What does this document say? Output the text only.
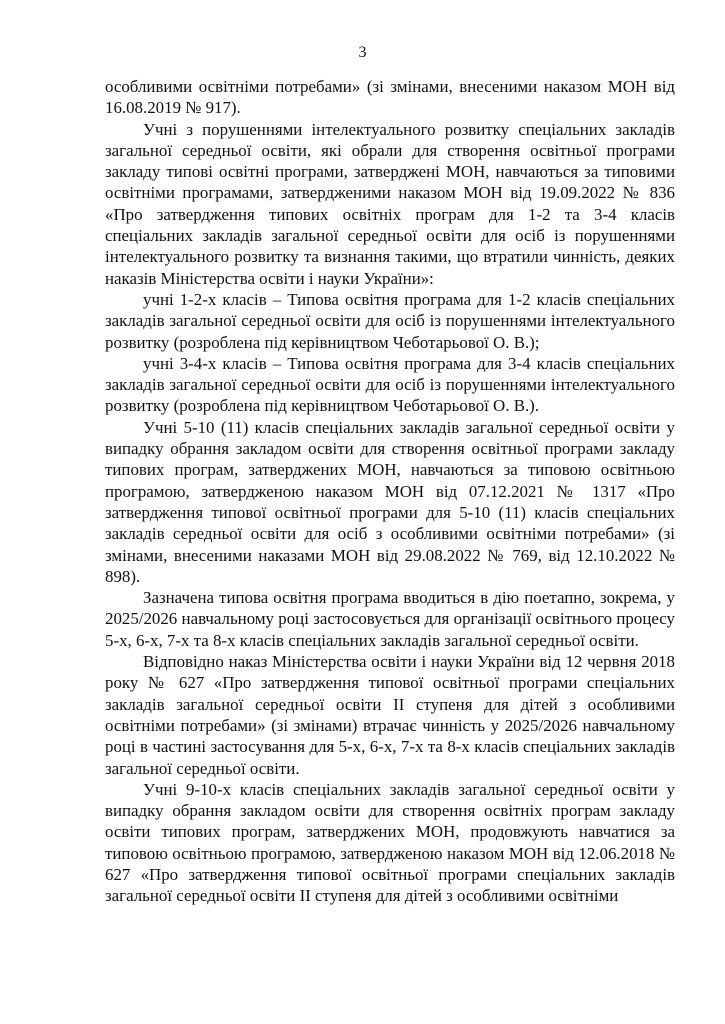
3

особливими освітніми потребами» (зі змінами, внесеними наказом МОН від 16.08.2019 № 917).

Учні з порушеннями інтелектуального розвитку спеціальних закладів загальної середньої освіти, які обрали для створення освітньої програми закладу типові освітні програми, затверджені МОН, навчаються за типовими освітніми програмами, затвердженими наказом МОН від 19.09.2022 № 836 «Про затвердження типових освітніх програм для 1-2 та 3-4 класів спеціальних закладів загальної середньої освіти для осіб із порушеннями інтелектуального розвитку та визнання такими, що втратили чинність, деяких наказів Міністерства освіти і науки України»:

учні 1-2-х класів – Типова освітня програма для 1-2 класів спеціальних закладів загальної середньої освіти для осіб із порушеннями інтелектуального розвитку (розроблена під керівництвом Чеботарьової О. В.);

учні 3-4-х класів – Типова освітня програма для 3-4 класів спеціальних закладів загальної середньої освіти для осіб із порушеннями інтелектуального розвитку (розроблена під керівництвом Чеботарьової О. В.).

Учні 5-10 (11) класів спеціальних закладів загальної середньої освіти у випадку обрання закладом освіти для створення освітньої програми закладу типових програм, затверджених МОН, навчаються за типовою освітньою програмою, затвердженою наказом МОН від 07.12.2021 № 1317 «Про затвердження типової освітньої програми для 5-10 (11) класів спеціальних закладів середньої освіти для осіб з особливими освітніми потребами» (зі змінами, внесеними наказами МОН від 29.08.2022 № 769, від 12.10.2022 № 898).

Зазначена типова освітня програма вводиться в дію поетапно, зокрема, у 2025/2026 навчальному році застосовується для організації освітнього процесу 5-х, 6-х, 7-х та 8-х класів спеціальних закладів загальної середньої освіти.

Відповідно наказ Міністерства освіти і науки України від 12 червня 2018 року № 627 «Про затвердження типової освітньої програми спеціальних закладів загальної середньої освіти II ступеня для дітей з особливими освітніми потребами» (зі змінами) втрачає чинність у 2025/2026 навчальному році в частині застосування для 5-х, 6-х, 7-х та 8-х класів спеціальних закладів загальної середньої освіти.

Учні 9-10-х класів спеціальних закладів загальної середньої освіти у випадку обрання закладом освіти для створення освітніх програм закладу освіти типових програм, затверджених МОН, продовжують навчатися за типовою освітньою програмою, затвердженою наказом МОН від 12.06.2018 № 627 «Про затвердження типової освітньої програми спеціальних закладів загальної середньої освіти II ступеня для дітей з особливими освітніми
